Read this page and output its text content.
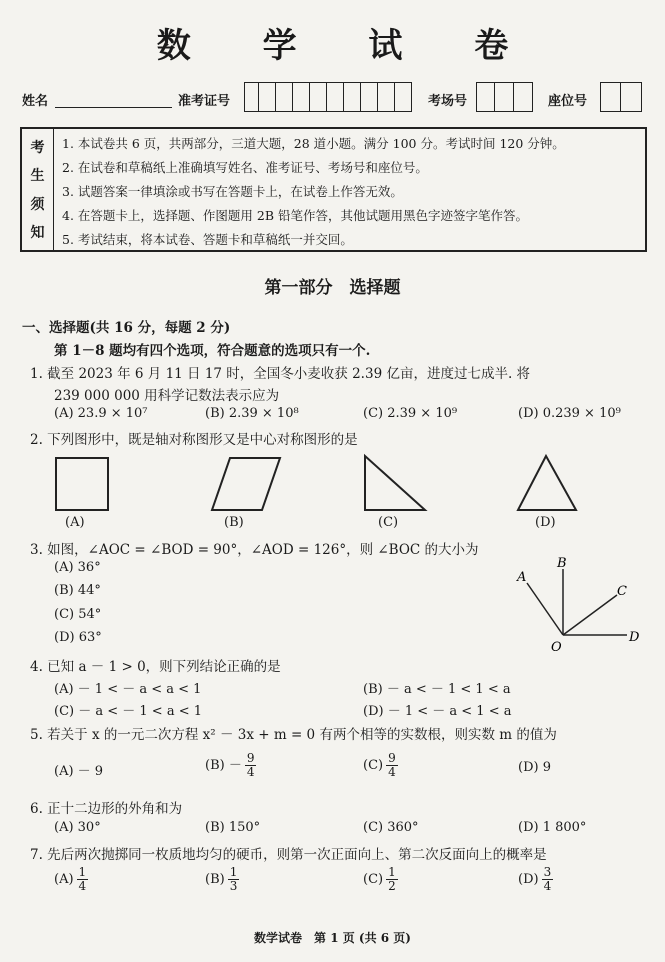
数 学 试 卷
姓名	准考证号	考场号	座位号
考
生
须
知
1. 本试卷共 6 页，共两部分，三道大题，28 道小题。满分 100 分。考试时间 120 分钟。
2. 在试卷和草稿纸上准确填写姓名、准考证号、考场号和座位号。
3. 试题答案一律填涂或书写在答题卡上，在试卷上作答无效。
4. 在答题卡上，选择题、作图题用 2B 铅笔作答，其他试题用黑色字迹签字笔作答。
5. 考试结束，将本试卷、答题卡和草稿纸一并交回。
第一部分　选择题
一、选择题(共 16 分，每题 2 分)
第 1－8 题均有四个选项，符合题意的选项只有一个.
1. 截至 2023 年 6 月 11 日 17 时，全国冬小麦收获 2.39 亿亩，进度过七成半. 将
239 000 000 用科学记数法表示应为
(A) 23.9 × 10⁷	(B) 2.39 × 10⁸	(C) 2.39 × 10⁹	(D) 0.239 × 10⁹
2. 下列图形中，既是轴对称图形又是中心对称图形的是
(A)	(B)	(C)	(D)
3. 如图，∠AOC = ∠BOD = 90°，∠AOD = 126°，则 ∠BOC 的大小为
(A) 36°
(B) 44°
(C) 54°
(D) 63°
A
B
C
D
O
4. 已知 a － 1 > 0，则下列结论正确的是
(A) － 1 < － a < a < 1	(B) － a < － 1 < 1 < a
(C) － a < － 1 < a < 1	(D) － 1 < － a < 1 < a
5. 若关于 x 的一元二次方程 x² － 3x + m = 0 有两个相等的实数根，则实数 m 的值为
(A) － 9	$(B) - \frac{9}{4}$	$(C) \frac{9}{4}$	(D) 9
6. 正十二边形的外角和为
(A) 30°	(B) 150°	(C) 360°	(D) 1 800°
7. 先后两次抛掷同一枚质地均匀的硬币，则第一次正面向上、第二次反面向上的概率是
$(A) \frac{1}{4}$	$(B) \frac{1}{3}$	$(C) \frac{1}{2}$	$(D) \frac{3}{4}$
数学试卷　第 1 页 (共 6 页)
